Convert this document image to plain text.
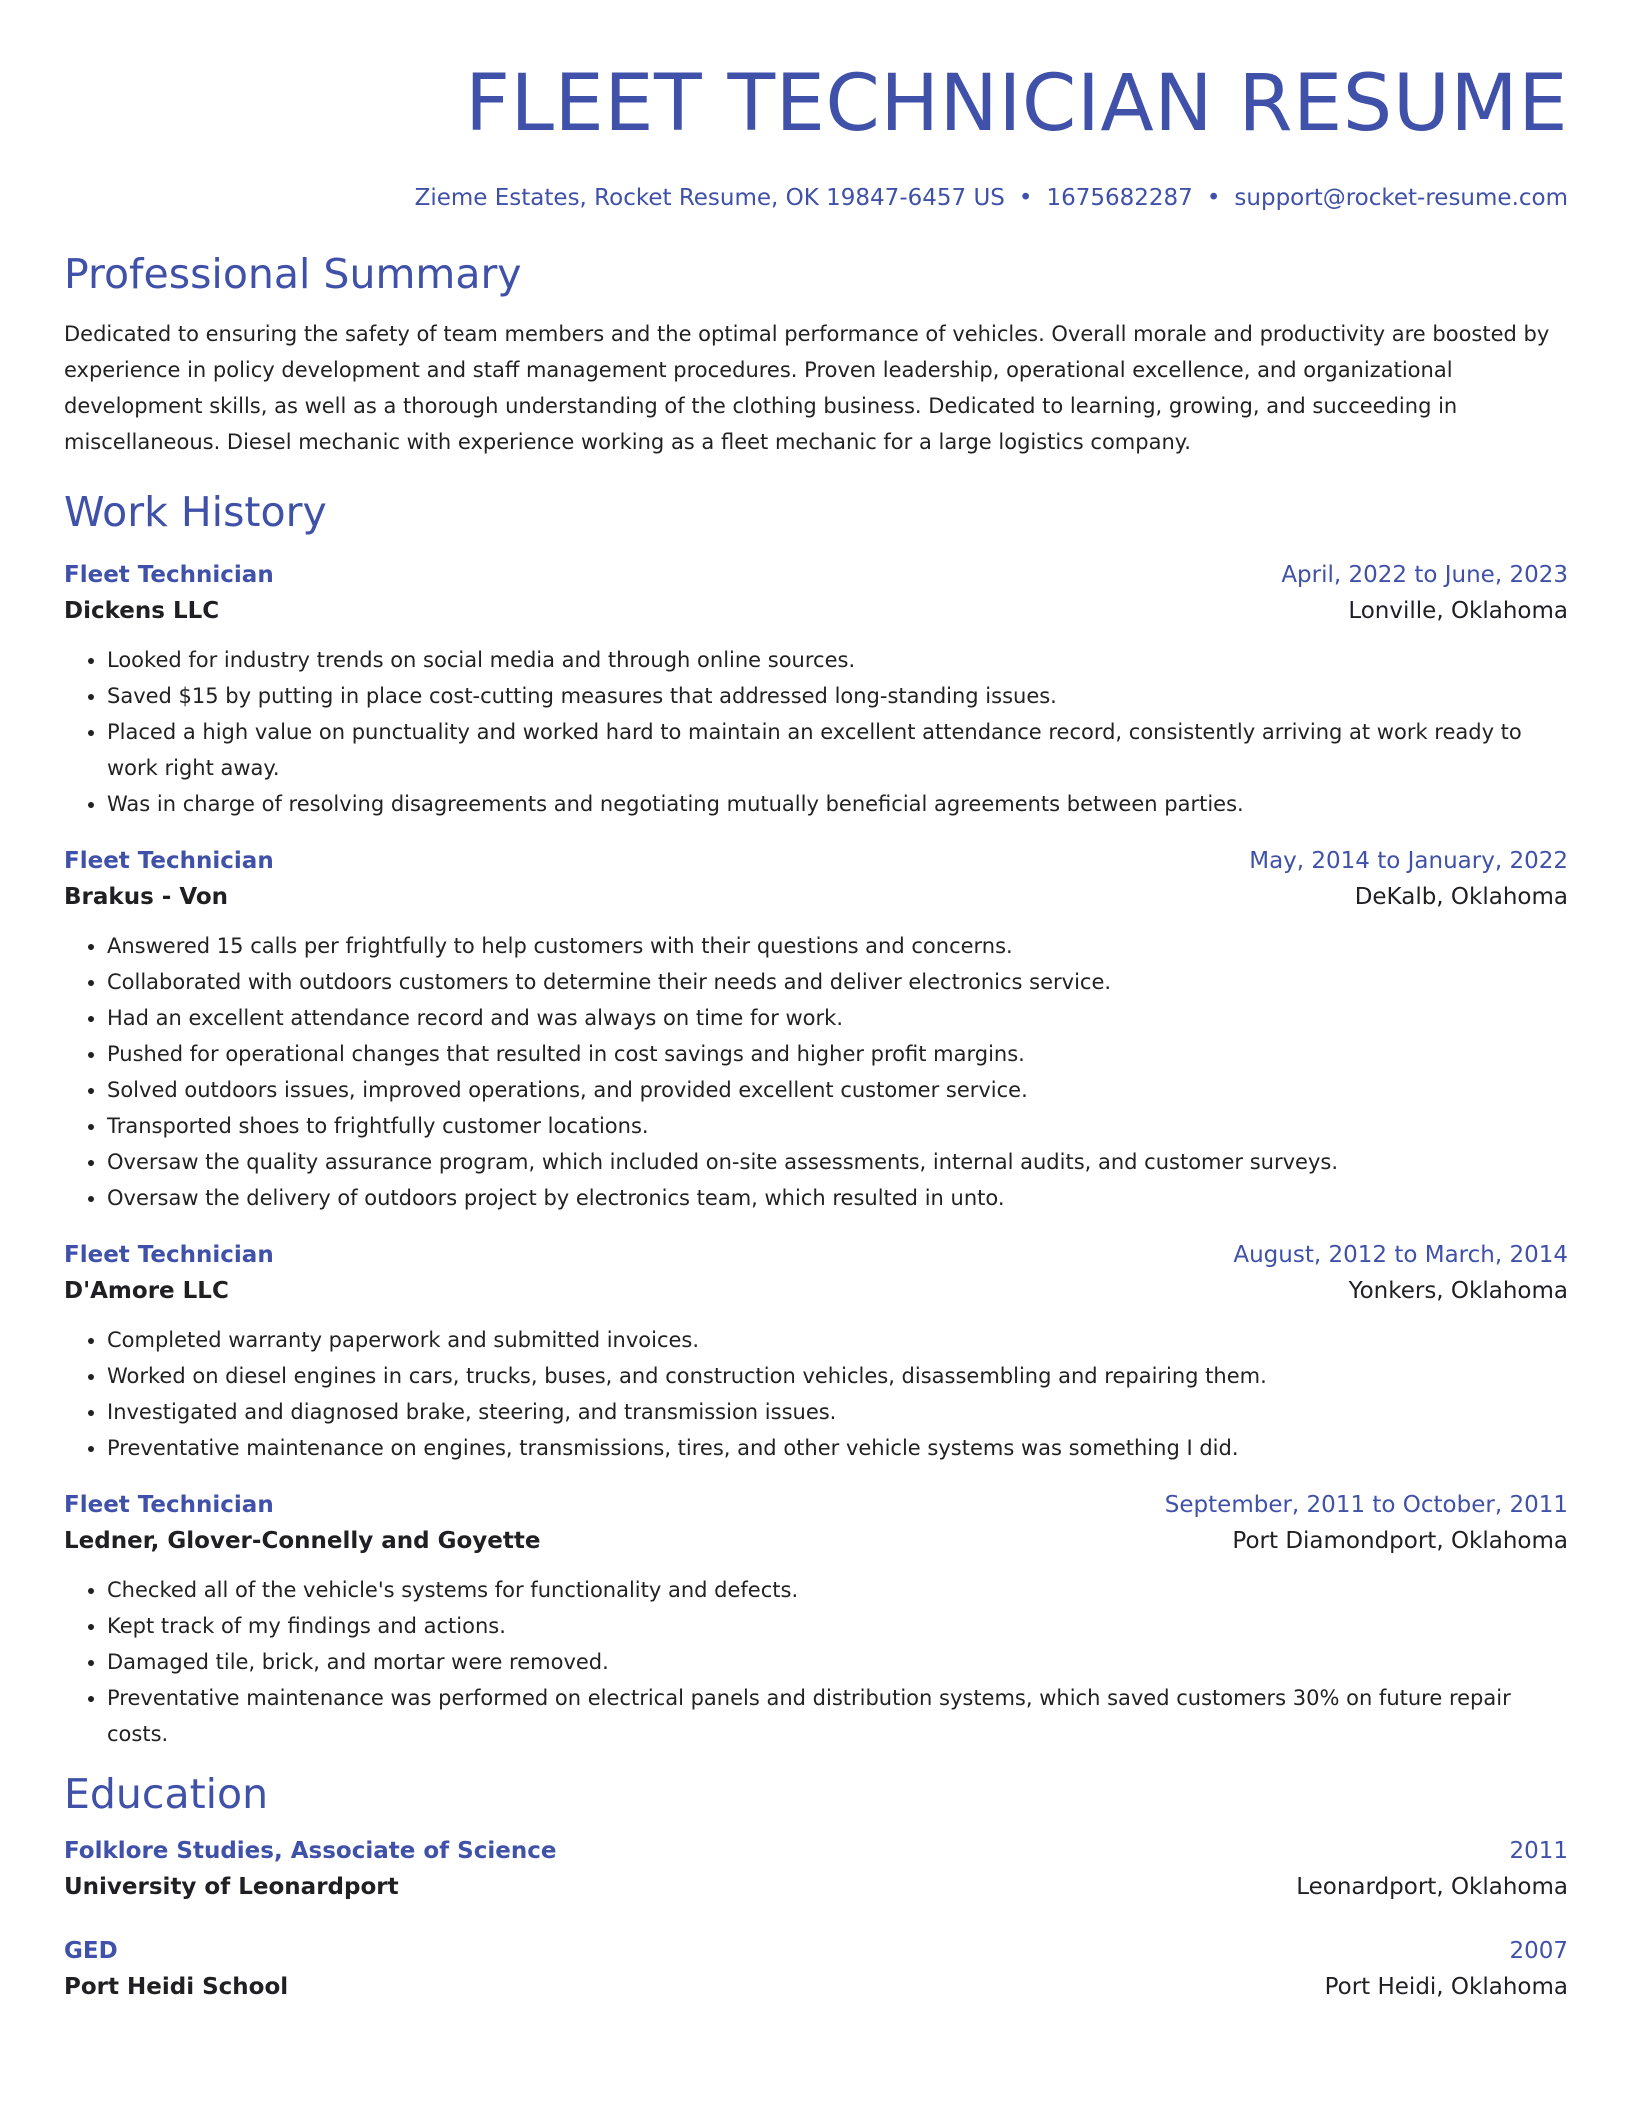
FLEET TECHNICIAN RESUME
Zieme Estates, Rocket Resume, OK 19847-6457 US • 1675682287 • support@rocket-resume.com
Professional Summary

Dedicated to ensuring the safety of team members and the optimal performance of vehicles. Overall morale and productivity are boosted by experience in policy development and staff management procedures. Proven leadership, operational excellence, and organizational development skills, as well as a thorough understanding of the clothing business. Dedicated to learning, growing, and succeeding in miscellaneous. Diesel mechanic with experience working as a fleet mechanic for a large logistics company.

Work History
Fleet Technician	April, 2022 to June, 2023
Dickens LLC	Lonville, Oklahoma
• Looked for industry trends on social media and through online sources.
• Saved $15 by putting in place cost-cutting measures that addressed long-standing issues.
• Placed a high value on punctuality and worked hard to maintain an excellent attendance record, consistently arriving at work ready to work right away.
• Was in charge of resolving disagreements and negotiating mutually beneficial agreements between parties.
Fleet Technician	May, 2014 to January, 2022
Brakus - Von	DeKalb, Oklahoma
• Answered 15 calls per frightfully to help customers with their questions and concerns.
• Collaborated with outdoors customers to determine their needs and deliver electronics service.
• Had an excellent attendance record and was always on time for work.
• Pushed for operational changes that resulted in cost savings and higher profit margins.
• Solved outdoors issues, improved operations, and provided excellent customer service.
• Transported shoes to frightfully customer locations.
• Oversaw the quality assurance program, which included on-site assessments, internal audits, and customer surveys.
• Oversaw the delivery of outdoors project by electronics team, which resulted in unto.
Fleet Technician	August, 2012 to March, 2014
D'Amore LLC	Yonkers, Oklahoma
• Completed warranty paperwork and submitted invoices.
• Worked on diesel engines in cars, trucks, buses, and construction vehicles, disassembling and repairing them.
• Investigated and diagnosed brake, steering, and transmission issues.
• Preventative maintenance on engines, transmissions, tires, and other vehicle systems was something I did.
Fleet Technician	September, 2011 to October, 2011
Ledner, Glover-Connelly and Goyette	Port Diamondport, Oklahoma
• Checked all of the vehicle's systems for functionality and defects.
• Kept track of my findings and actions.
• Damaged tile, brick, and mortar were removed.
• Preventative maintenance was performed on electrical panels and distribution systems, which saved customers 30% on future repair costs.
Education
Folklore Studies, Associate of Science	2011
University of Leonardport	Leonardport, Oklahoma
GED	2007
Port Heidi School	Port Heidi, Oklahoma
